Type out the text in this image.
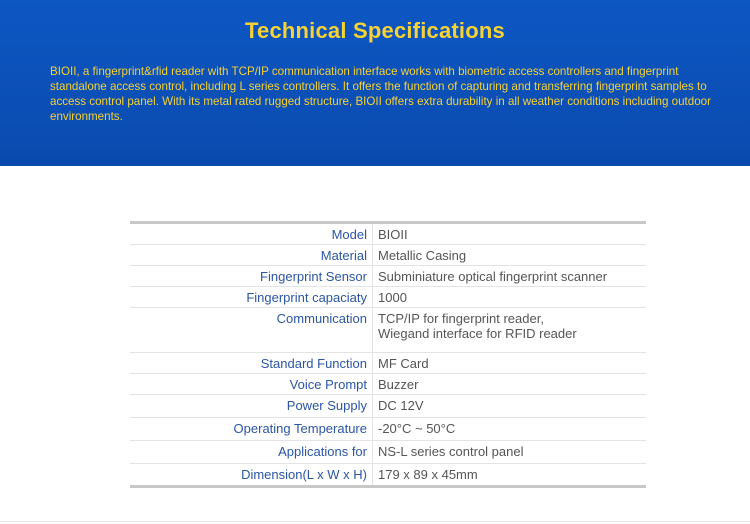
Technical Specifications
BIOII, a fingerprint&rfid reader with TCP/IP communication interface works with biometric access controllers and fingerprint standalone access control, including L series controllers. It offers the function of capturing and transferring fingerprint samples to access control panel. With its metal rated rugged structure, BIOII offers extra durability in all weather conditions including outdoor environments.
Model	BIOII
Material	Metallic Casing
Fingerprint Sensor	Subminiature optical fingerprint scanner
Fingerprint capaciaty	1000
Communication	TCP/IP for fingerprint reader,
Wiegand interface for RFID reader

Standard Function	MF Card
Voice Prompt	Buzzer
Power Supply	DC 12V
Operating Temperature	-20°C ~ 50°C
Applications for	NS-L series control panel
Dimension(L x W x H)	179 x 89 x 45mm
